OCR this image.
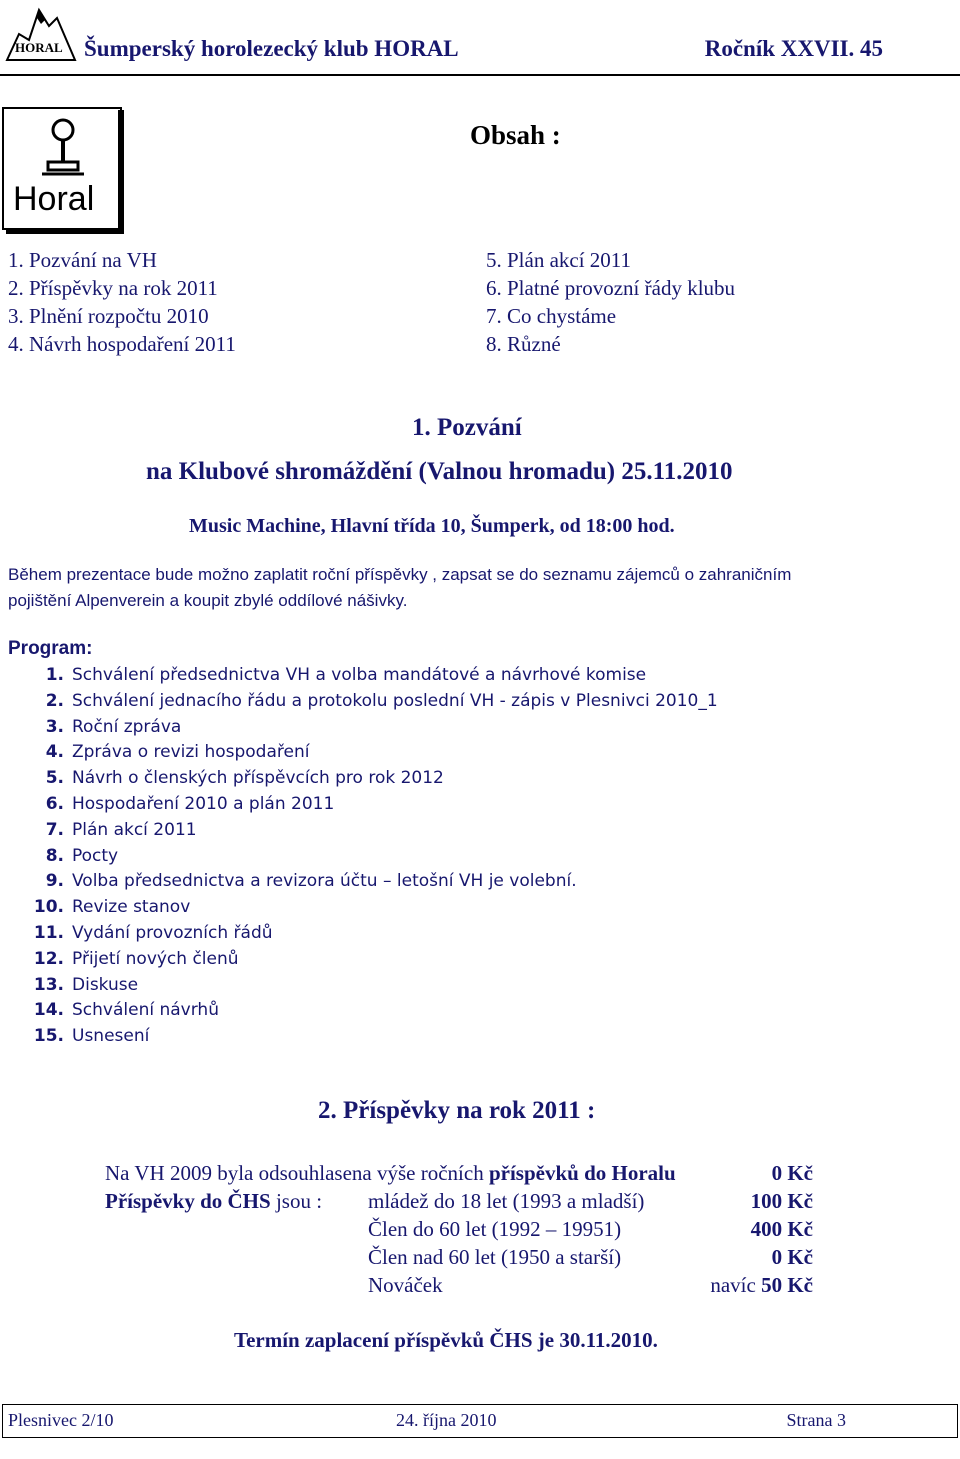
HORAL Šumperský horolezecký klub HORAL	Ročník XXVII. 45
Horal
Obsah :
1. Pozvání na VH
2. Příspěvky na rok 2011
3. Plnění rozpočtu 2010
4. Návrh hospodaření 2011
5. Plán akcí 2011
6. Platné provozní řády klubu
7. Co chystáme
8. Různé
1. Pozvání
na Klubové shromáždění (Valnou hromadu) 25.11.2010
Music Machine, Hlavní třída 10, Šumperk, od 18:00 hod.
Během prezentace bude možno zaplatit roční příspěvky , zapsat se do seznamu zájemců o zahraničním
pojištění Alpenverein a koupit zbylé oddílové nášivky.
Program:
1. Schválení předsednictva VH a volba mandátové a návrhové komise
2. Schválení jednacího řádu a protokolu poslední VH - zápis v Plesnivci 2010_1
3. Roční zpráva
4. Zpráva o revizi hospodaření
5. Návrh o členských příspěvcích pro rok 2012
6. Hospodaření 2010 a plán 2011
7. Plán akcí 2011
8. Pocty
9. Volba předsednictva a revizora účtu – letošní VH je volební.
10. Revize stanov
11. Vydání provozních řádů
12. Přijetí nových členů
13. Diskuse
14. Schválení návrhů
15. Usnesení
2. Příspěvky na rok 2011 :
Na VH 2009 byla odsouhlasena výše ročních příspěvků do Horalu	0 Kč
Příspěvky do ČHS jsou : mládež do 18 let (1993 a mladší)	100 Kč
Člen do 60 let (1992 – 19951)	400 Kč
Člen nad 60 let (1950 a starší)	0 Kč
Nováček	navíc 50 Kč
Termín zaplacení příspěvků ČHS je 30.11.2010.
Plesnivec 2/10	24. října 2010	Strana 3
